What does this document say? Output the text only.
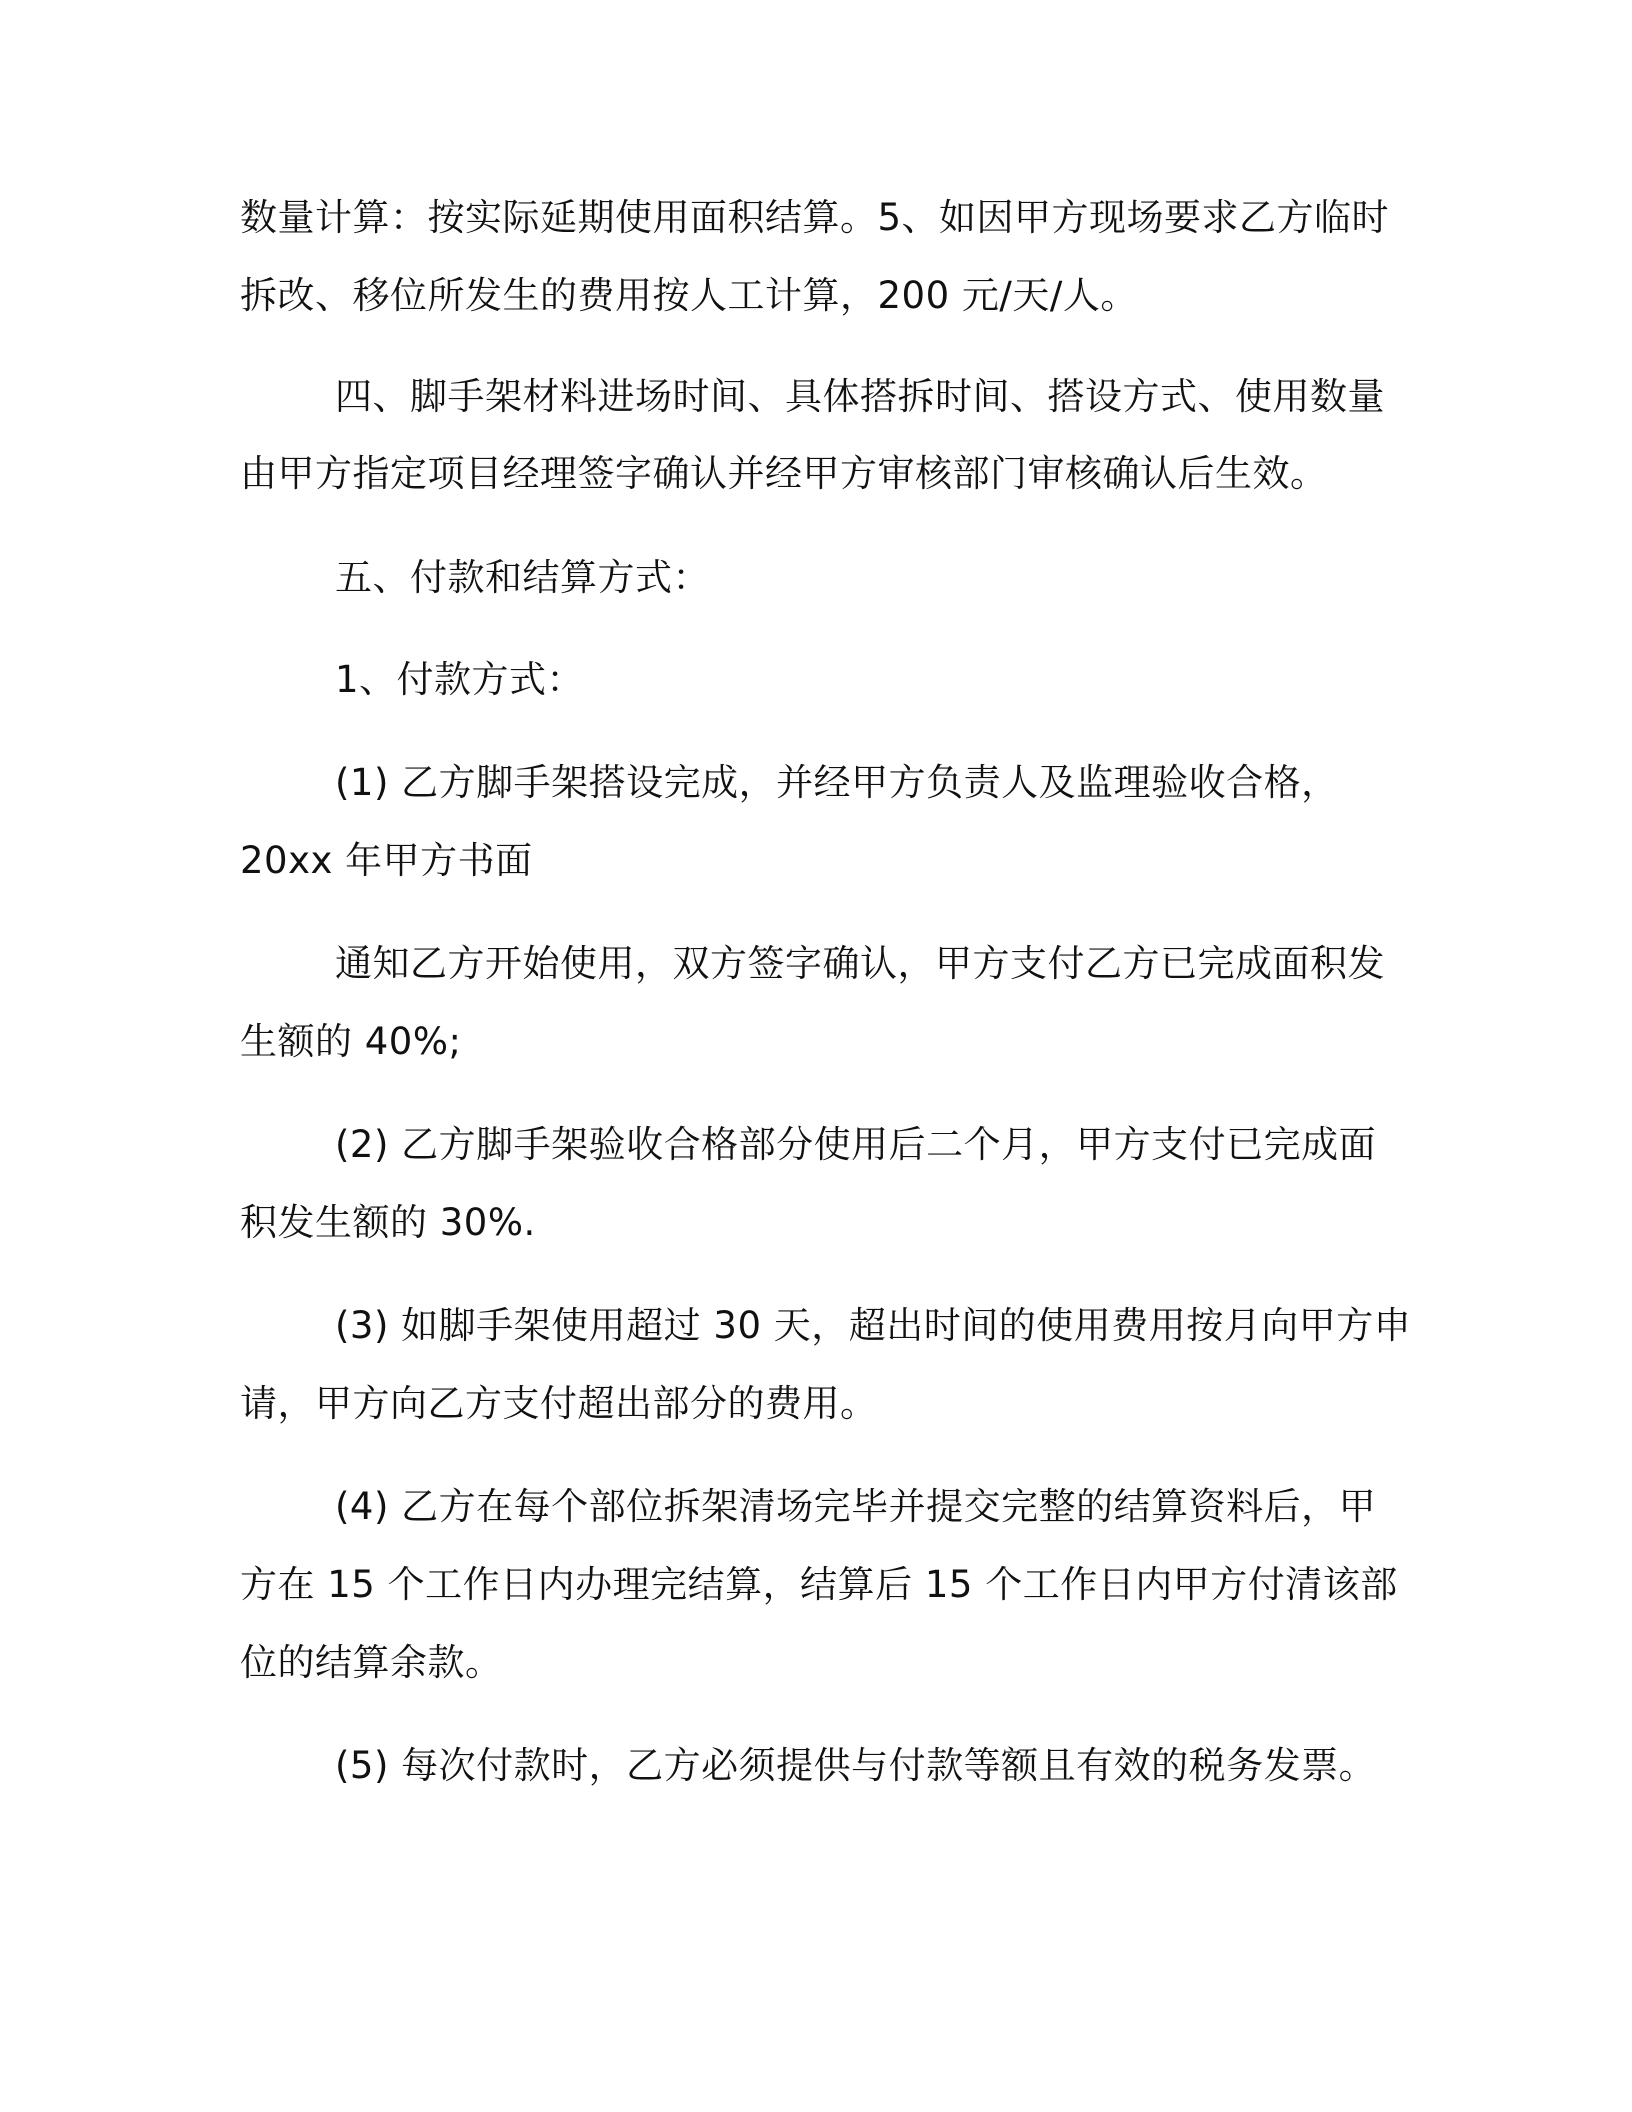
数量计算：按实际延期使用面积结算。5、如因甲方现场要求乙方临时
拆改、移位所发生的费用按人工计算，200 元/天/人。
四、脚手架材料进场时间、具体搭拆时间、搭设方式、使用数量
由甲方指定项目经理签字确认并经甲方审核部门审核确认后生效。
五、付款和结算方式：
1、付款方式：
(1) 乙方脚手架搭设完成，并经甲方负责人及监理验收合格，
20xx 年甲方书面
通知乙方开始使用，双方签字确认，甲方支付乙方已完成面积发
生额的 40%;
(2) 乙方脚手架验收合格部分使用后二个月，甲方支付已完成面
积发生额的 30%.
(3) 如脚手架使用超过 30 天，超出时间的使用费用按月向甲方申
请，甲方向乙方支付超出部分的费用。
(4) 乙方在每个部位拆架清场完毕并提交完整的结算资料后，甲
方在 15 个工作日内办理完结算，结算后 15 个工作日内甲方付清该部
位的结算余款。
(5) 每次付款时，乙方必须提供与付款等额且有效的税务发票。
